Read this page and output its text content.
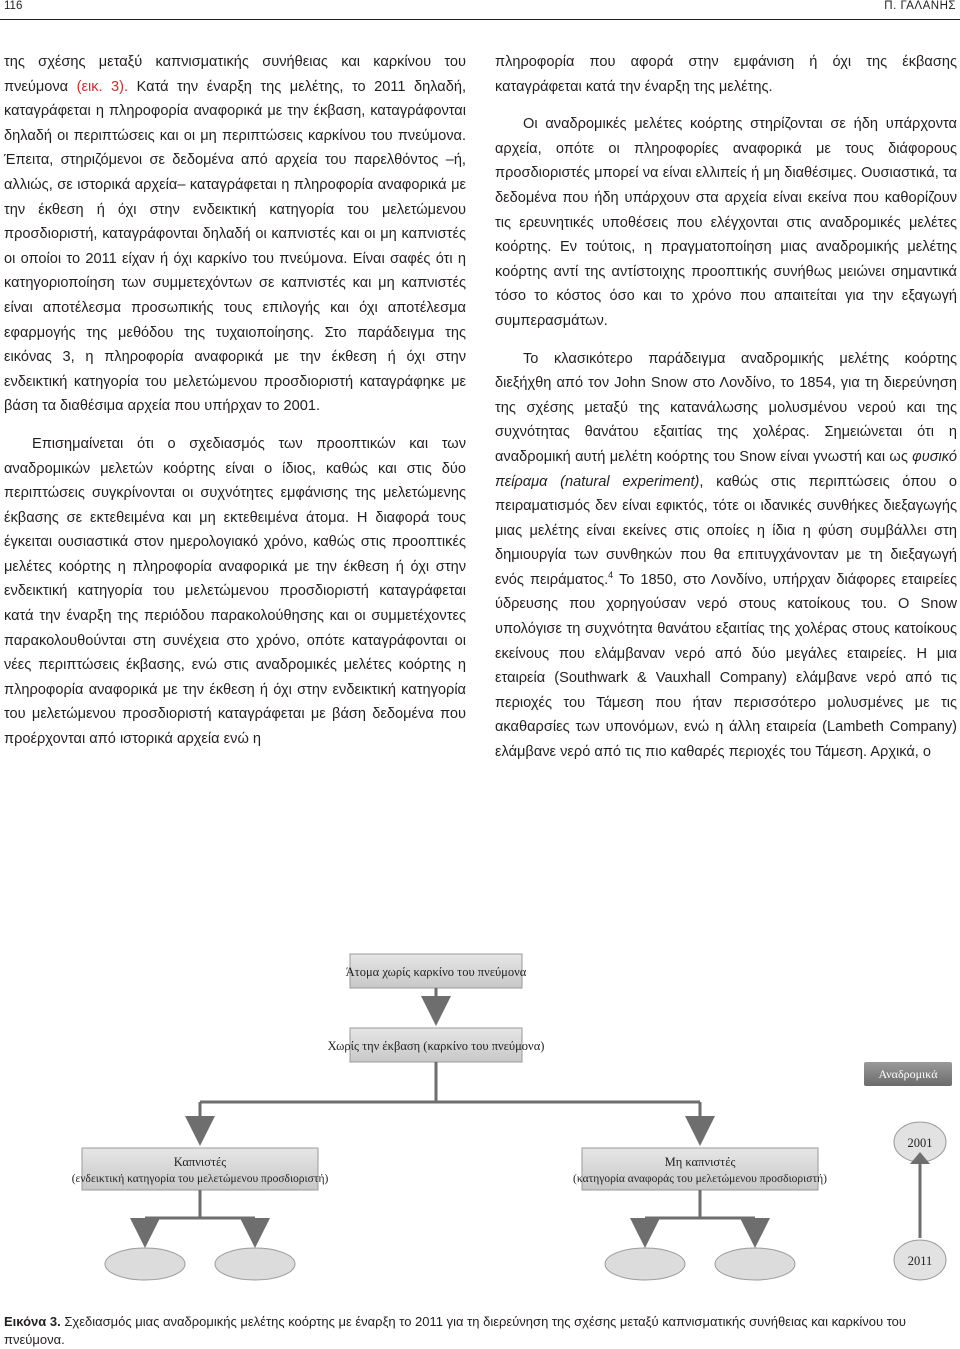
116	Π. ΓΑΛΑΝΗΣ

της σχέσης μεταξύ καπνισματικής συνήθειας και καρκίνου του πνεύμονα (εικ. 3). Κατά την έναρξη της μελέτης, το 2011 δηλαδή, καταγράφεται η πληροφορία αναφορικά με την έκβαση, καταγράφονται δηλαδή οι περιπτώσεις και οι μη περιπτώσεις καρκίνου του πνεύμονα. Έπειτα, στηριζόμενοι σε δεδομένα από αρχεία του παρελθόντος –ή, αλλιώς, σε ιστορικά αρχεία– καταγράφεται η πληροφορία αναφορικά με την έκθεση ή όχι στην ενδεικτική κατηγορία του μελετώμενου προσδιοριστή, καταγράφονται δηλαδή οι καπνιστές και οι μη καπνιστές οι οποίοι το 2011 είχαν ή όχι καρκίνο του πνεύμονα. Είναι σαφές ότι η κατηγοριοποίηση των συμμετεχόντων σε καπνιστές και μη καπνιστές είναι αποτέλεσμα προσωπικής τους επιλογής και όχι αποτέλεσμα εφαρμογής της μεθόδου της τυχαιοποίησης. Στο παράδειγμα της εικόνας 3, η πληροφορία αναφορικά με την έκθεση ή όχι στην ενδεικτική κατηγορία του μελετώμενου προσδιοριστή καταγράφηκε με βάση τα διαθέσιμα αρχεία που υπήρχαν το 2001.

Επισημαίνεται ότι ο σχεδιασμός των προοπτικών και των αναδρομικών μελετών κοόρτης είναι ο ίδιος, καθώς και στις δύο περιπτώσεις συγκρίνονται οι συχνότητες εμφάνισης της μελετώμενης έκβασης σε εκτεθειμένα και μη εκτεθειμένα άτομα. Η διαφορά τους έγκειται ουσιαστικά στον ημερολογιακό χρόνο, καθώς στις προοπτικές μελέτες κοόρτης η πληροφορία αναφορικά με την έκθεση ή όχι στην ενδεικτική κατηγορία του μελετώμενου προσδιοριστή καταγράφεται κατά την έναρξη της περιόδου παρακολούθησης και οι συμμετέχοντες παρακολουθούνται στη συνέχεια στο χρόνο, οπότε καταγράφονται οι νέες περιπτώσεις έκβασης, ενώ στις αναδρομικές μελέτες κοόρτης η πληροφορία αναφορικά με την έκθεση ή όχι στην ενδεικτική κατηγορία του μελετώμενου προσδιοριστή καταγράφεται με βάση δεδομένα που προέρχονται από ιστορικά αρχεία ενώ η

πληροφορία που αφορά στην εμφάνιση ή όχι της έκβασης καταγράφεται κατά την έναρξη της μελέτης.

Οι αναδρομικές μελέτες κοόρτης στηρίζονται σε ήδη υπάρχοντα αρχεία, οπότε οι πληροφορίες αναφορικά με τους διάφορους προσδιοριστές μπορεί να είναι ελλιπείς ή μη διαθέσιμες. Ουσιαστικά, τα δεδομένα που ήδη υπάρχουν στα αρχεία είναι εκείνα που καθορίζουν τις ερευνητικές υποθέσεις που ελέγχονται στις αναδρομικές μελέτες κοόρτης. Εν τούτοις, η πραγματοποίηση μιας αναδρομικής μελέτης κοόρτης αντί της αντίστοιχης προοπτικής συνήθως μειώνει σημαντικά τόσο το κόστος όσο και το χρόνο που απαιτείται για την εξαγωγή συμπερασμάτων.

Το κλασικότερο παράδειγμα αναδρομικής μελέτης κοόρτης διεξήχθη από τον John Snow στο Λονδίνο, το 1854, για τη διερεύνηση της σχέσης μεταξύ της κατανάλωσης μολυσμένου νερού και της συχνότητας θανάτου εξαιτίας της χολέρας. Σημειώνεται ότι η αναδρομική αυτή μελέτη κοόρτης του Snow είναι γνωστή και ως φυσικό πείραμα (natural experiment), καθώς στις περιπτώσεις όπου ο πειραματισμός δεν είναι εφικτός, τότε οι ιδανικές συνθήκες διεξαγωγής μιας μελέτης είναι εκείνες στις οποίες η ίδια η φύση συμβάλλει στη δημιουργία των συνθηκών που θα επιτυγχάνονταν με τη διεξαγωγή ενός πειράματος.$^4$ Το 1850, στο Λονδίνο, υπήρχαν διάφορες εταιρείες ύδρευσης που χορηγούσαν νερό στους κατοίκους του. Ο Snow υπολόγισε τη συχνότητα θανάτου εξαιτίας της χολέρας στους κατοίκους εκείνους που ελάμβαναν νερό από δύο μεγάλες εταιρείες. Η μια εταιρεία (Southwark & Vauxhall Company) ελάμβανε νερό από τις περιοχές του Τάμεση που ήταν περισσότερο μολυσμένες με τις ακαθαρσίες των υπονόμων, ενώ η άλλη εταιρεία (Lambeth Company) ελάμβανε νερό από τις πιο καθαρές περιοχές του Τάμεση. Αρχικά, ο

Άτομα χωρίς καρκίνο του πνεύμονα
Χωρίς την έκβαση (καρκίνο του πνεύμονα)
Καπνιστές
(ενδεικτική κατηγορία του μελετώμενου προσδιοριστή)
Μη καπνιστές
(κατηγορία αναφοράς του μελετώμενου προσδιοριστή)
Αναδρομικά
2001
2011
Εικόνα 3. Σχεδιασμός μιας αναδρομικής μελέτης κοόρτης με έναρξη το 2011 για τη διερεύνηση της σχέσης μεταξύ καπνισματικής συνήθειας και καρκίνου του πνεύμονα.
